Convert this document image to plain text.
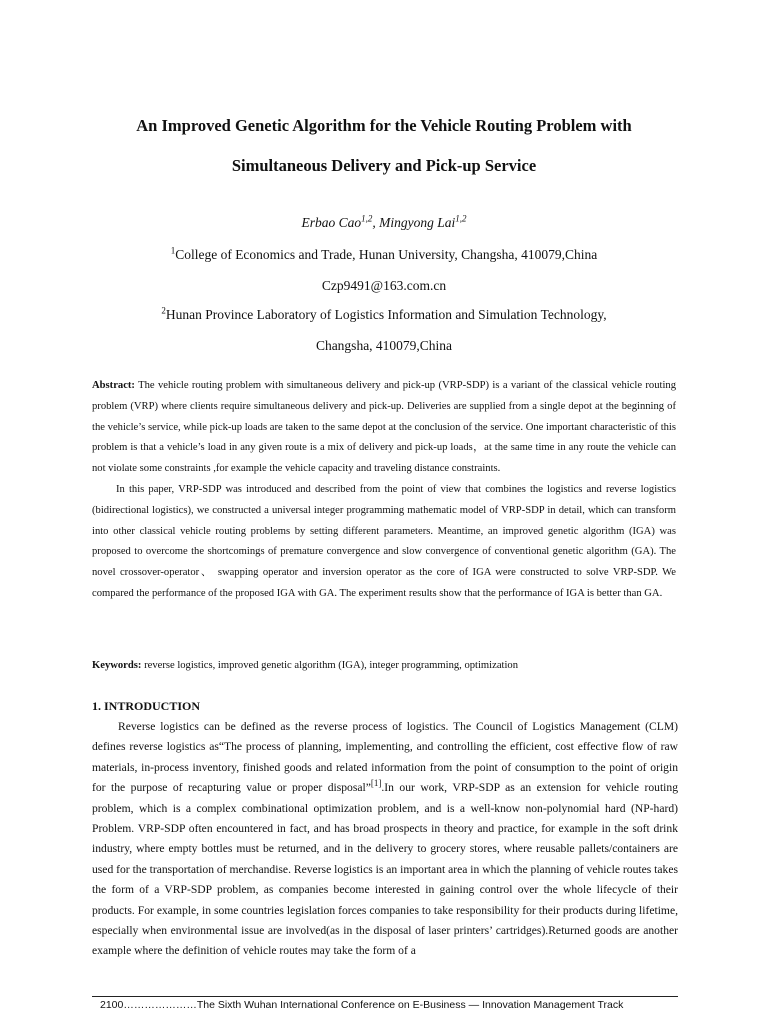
An Improved Genetic Algorithm for the Vehicle Routing Problem with
Simultaneous Delivery and Pick-up Service
Erbao Cao$^{1,2}$, Mingyong Lai$^{1,2}$
$^1$College of Economics and Trade, Hunan University, Changsha, 410079,China
Czp9491@163.com.cn
$^2$Hunan Province Laboratory of Logistics Information and Simulation Technology,
Changsha, 410079,China

Abstract: The vehicle routing problem with simultaneous delivery and pick-up (VRP-SDP) is a variant of the classical vehicle routing problem (VRP) where clients require simultaneous delivery and pick-up. Deliveries are supplied from a single depot at the beginning of the vehicle’s service, while pick-up loads are taken to the same depot at the conclusion of the service. One important characteristic of this problem is that a vehicle’s load in any given route is a mix of delivery and pick-up loads，at the same time in any route the vehicle can not violate some constraints ,for example the vehicle capacity and traveling distance constraints.

In this paper, VRP-SDP was introduced and described from the point of view that combines the logistics and reverse logistics (bidirectional logistics), we constructed a universal integer programming mathematic model of VRP-SDP in detail, which can transform into other classical vehicle routing problems by setting different parameters. Meantime, an improved genetic algorithm (IGA) was proposed to overcome the shortcomings of premature convergence and slow convergence of conventional genetic algorithm (GA). The novel crossover-operator、 swapping operator and inversion operator as the core of IGA were constructed to solve VRP-SDP. We compared the performance of the proposed IGA with GA. The experiment results show that the performance of IGA is better than GA.

Keywords: reverse logistics, improved genetic algorithm (IGA), integer programming, optimization
1. INTRODUCTION

Reverse logistics can be defined as the reverse process of logistics. The Council of Logistics Management (CLM) defines reverse logistics as“The process of planning, implementing, and controlling the efficient, cost effective flow of raw materials, in-process inventory, finished goods and related information from the point of consumption to the point of origin for the purpose of recapturing value or proper disposal”[1].In our work, VRP-SDP as an extension for vehicle routing problem, which is a complex combinational optimization problem, and is a well-know non-polynomial hard (NP-hard) Problem. VRP-SDP often encountered in fact, and has broad prospects in theory and practice, for example in the soft drink industry, where empty bottles must be returned, and in the delivery to grocery stores, where reusable pallets/containers are used for the transportation of merchandise. Reverse logistics is an important area in which the planning of vehicle routes takes the form of a VRP-SDP problem, as companies become interested in gaining control over the whole lifecycle of their products. For example, in some countries legislation forces companies to take responsibility for their products during lifetime, especially when environmental issue are involved(as in the disposal of laser printers’ cartridges).Returned goods are another example where the definition of vehicle routes may take the form of a

2100…………………The Sixth Wuhan International Conference on E-Business — Innovation Management Track
